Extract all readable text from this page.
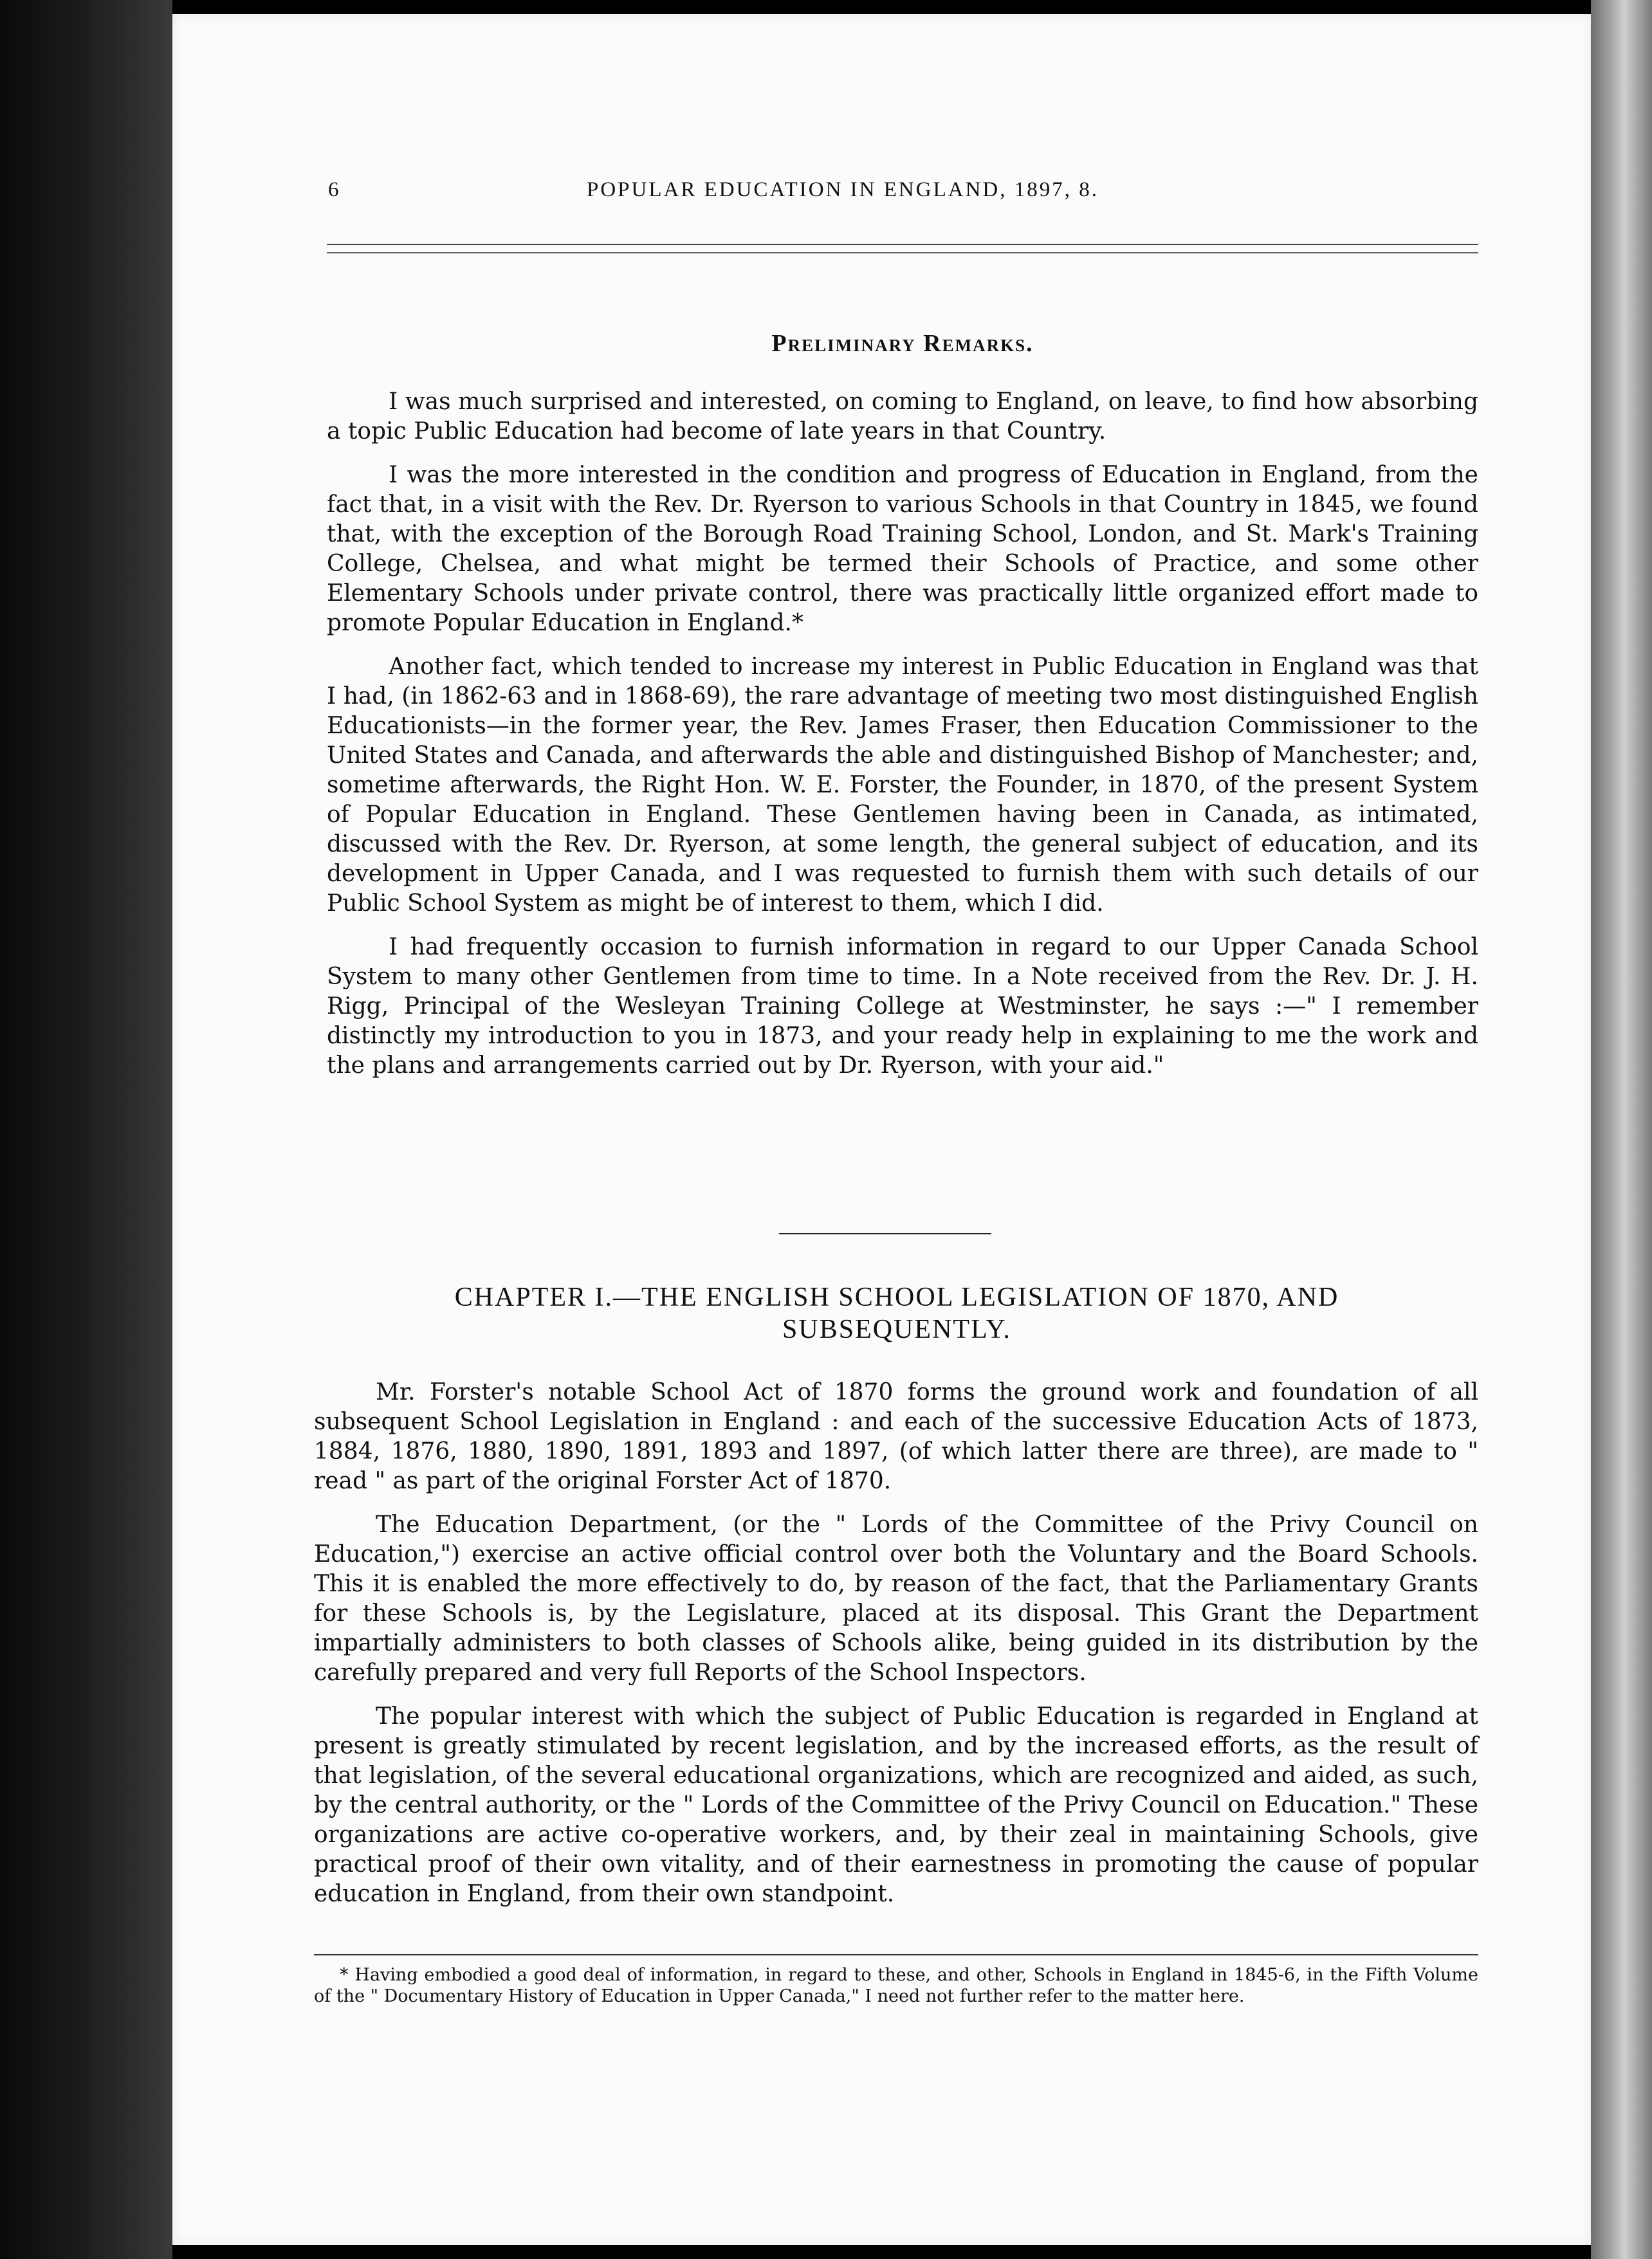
6	POPULAR EDUCATION IN ENGLAND, 1897, 8.
Preliminary Remarks.

I was much surprised and interested, on coming to England, on leave, to find how absorbing a topic Public Education had become of late years in that Country.

I was the more interested in the condition and progress of Education in England, from the fact that, in a visit with the Rev. Dr. Ryerson to various Schools in that Country in 1845, we found that, with the exception of the Borough Road Training School, London, and St. Mark's Training College, Chelsea, and what might be termed their Schools of Practice, and some other Elementary Schools under private control, there was practically little organized effort made to promote Popular Education in England.*

Another fact, which tended to increase my interest in Public Education in England was that I had, (in 1862-63 and in 1868-69), the rare advantage of meeting two most distinguished English Educationists—in the former year, the Rev. James Fraser, then Education Commissioner to the United States and Canada, and afterwards the able and distinguished Bishop of Manchester; and, sometime afterwards, the Right Hon. W. E. Forster, the Founder, in 1870, of the present System of Popular Education in England. These Gentlemen having been in Canada, as intimated, discussed with the Rev. Dr. Ryerson, at some length, the general subject of education, and its development in Upper Canada, and I was requested to furnish them with such details of our Public School System as might be of interest to them, which I did.

I had frequently occasion to furnish information in regard to our Upper Canada School System to many other Gentlemen from time to time. In a Note received from the Rev. Dr. J. H. Rigg, Principal of the Wesleyan Training College at Westminster, he says :—" I remember distinctly my introduction to you in 1873, and your ready help in explaining to me the work and the plans and arrangements carried out by Dr. Ryerson, with your aid."

CHAPTER I.—THE ENGLISH SCHOOL LEGISLATION OF 1870, AND
SUBSEQUENTLY.

Mr. Forster's notable School Act of 1870 forms the ground work and foundation of all subsequent School Legislation in England : and each of the successive Education Acts of 1873, 1884, 1876, 1880, 1890, 1891, 1893 and 1897, (of which latter there are three), are made to " read " as part of the original Forster Act of 1870.

The Education Department, (or the " Lords of the Committee of the Privy Council on Education,") exercise an active official control over both the Voluntary and the Board Schools. This it is enabled the more effectively to do, by reason of the fact, that the Parliamentary Grants for these Schools is, by the Legislature, placed at its disposal. This Grant the Department impartially administers to both classes of Schools alike, being guided in its distribution by the carefully prepared and very full Reports of the School Inspectors.

The popular interest with which the subject of Public Education is regarded in England at present is greatly stimulated by recent legislation, and by the increased efforts, as the result of that legislation, of the several educational organizations, which are recognized and aided, as such, by the central authority, or the " Lords of the Committee of the Privy Council on Education." These organizations are active co-operative workers, and, by their zeal in maintaining Schools, give practical proof of their own vitality, and of their earnestness in promoting the cause of popular education in England, from their own standpoint.

* Having embodied a good deal of information, in regard to these, and other, Schools in England in 1845-6, in the Fifth Volume of the " Documentary History of Education in Upper Canada," I need not further refer to the matter here.
